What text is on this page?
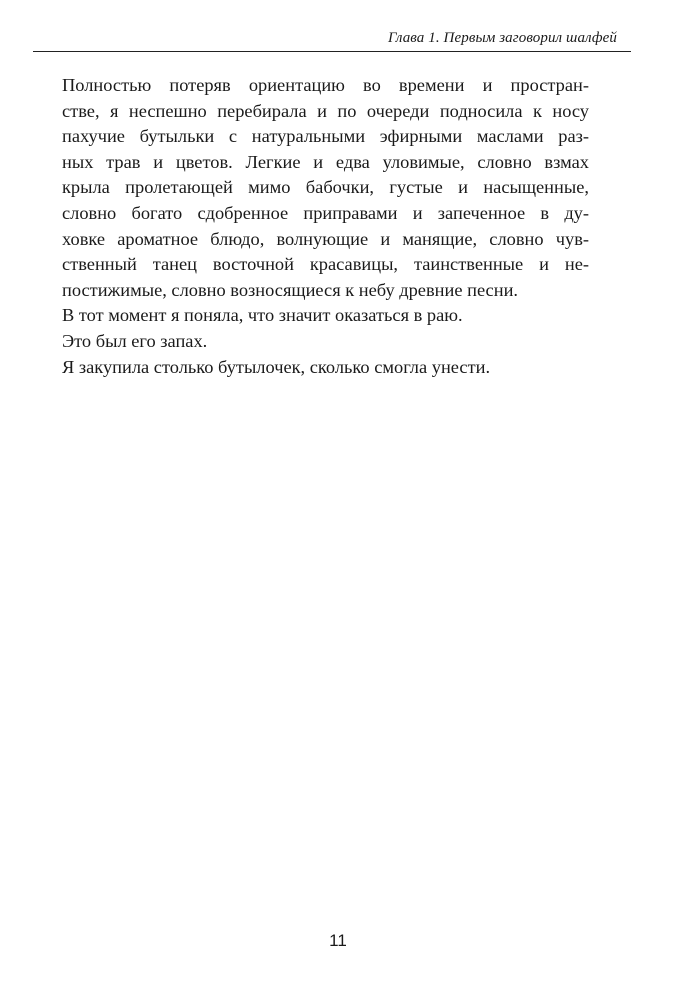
Глава 1. Первым заговорил шалфей
Полностью потеряв ориентацию во времени и простран-
стве, я неспешно перебирала и по очереди подносила к носу
пахучие бутыльки с натуральными эфирными маслами раз-
ных трав и цветов. Легкие и едва уловимые, словно взмах
крыла пролетающей мимо бабочки, густые и насыщенные,
словно богато сдобренное приправами и запеченное в ду-
ховке ароматное блюдо, волнующие и манящие, словно чув-
ственный танец восточной красавицы, таинственные и не-
постижимые, словно возносящиеся к небу древние песни.

В тот момент я поняла, что значит оказаться в раю.

Это был его запах.

Я закупила столько бутылочек, сколько смогла унести.

11
